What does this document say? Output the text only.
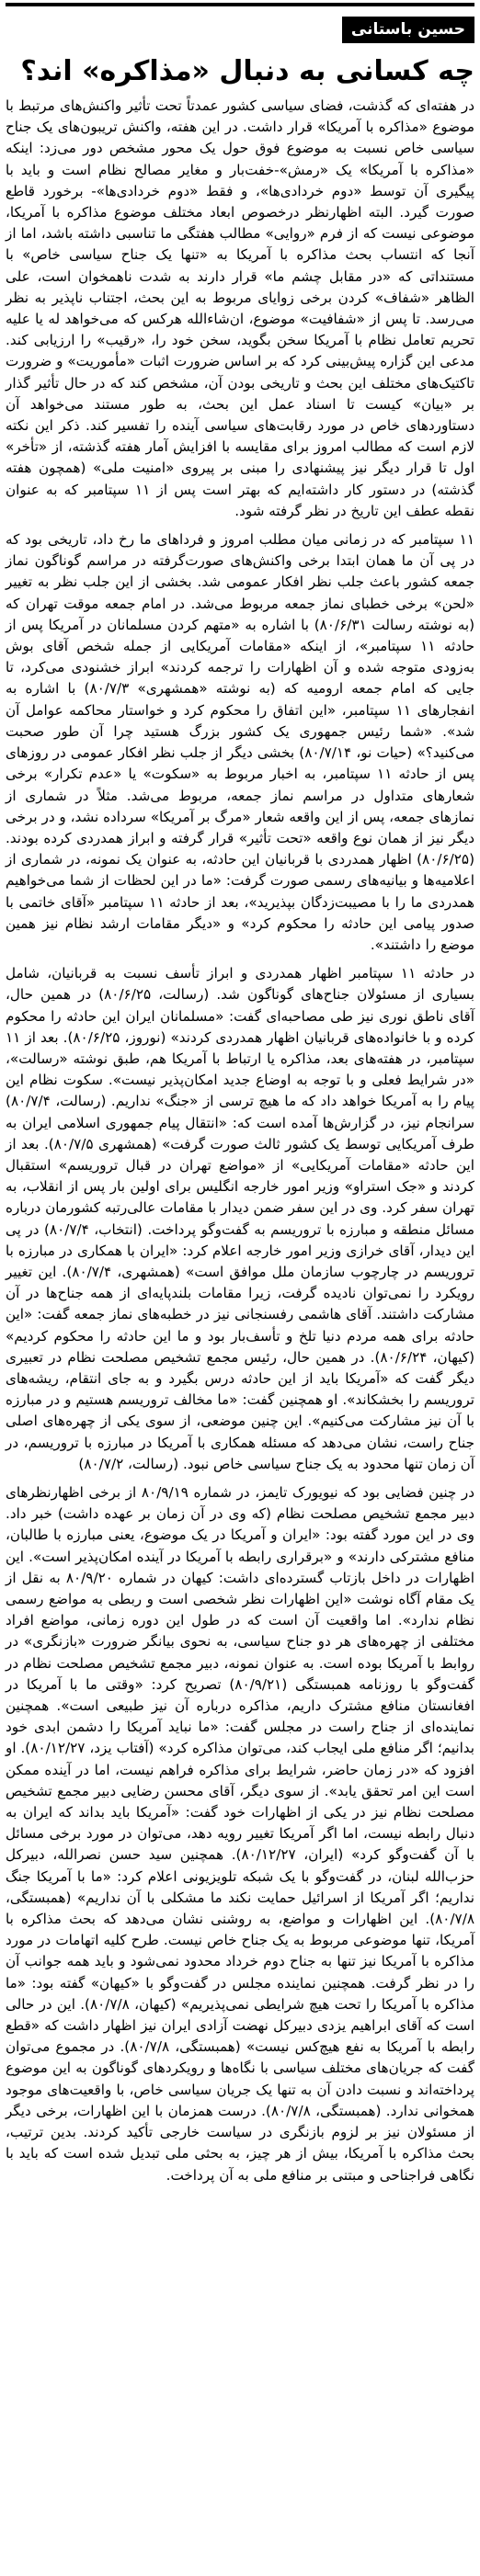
حسین باستانی
چه کسانی به دنبال «مذاکره» اند؟

در هفته‌ای که گذشت، فضای سیاسی کشور عمدتاً تحت تأثیر واکنش‌های مرتبط با موضوع «مذاکره با آمریکا» قرار داشت. در این هفته، واکنش تریبون‌های یک جناح سیاسی خاص نسبت به موضوع فوق حول یک محور مشخص دور می‌زد: اینکه «مذاکره با آمریکا» یک «رمش»-خفت‌بار و مغایر مصالح نظام است و باید با پیگیری آن توسط «دوم خردادی‌ها»، و فقط «دوم خردادی‌ها»- برخورد قاطع صورت گیرد. البته اظهارنظر درخصوص ابعاد مختلف موضوع مذاکره با آمریکا، موضوعی نیست که از فرم «روایی» مطالب هفتگی ما تناسبی داشته باشد، اما از آنجا که انتساب بحث مذاکره با آمریکا به «تنها یک جناح سیاسی خاص» با مستنداتی که «در مقابل چشم ما» قرار دارند به شدت ناهمخوان است، علی الظاهر «شفاف» کردن برخی زوایای مربوط به این بحث، اجتناب ناپذیر به نظر می‌رسد. تا پس از «شفافیت» موضوع، ان‌شاءالله هرکس که می‌خواهد له یا علیه تحریم تعامل نظام با آمریکا سخن بگوید، سخن خود را، «رقیب» را ارزیابی کند. مدعی این گزاره پیش‌بینی کرد که بر اساس ضرورت اثبات «مأموریت» و ضرورت تاکتیک‌های مختلف این بحث و تاریخی بودن آن، مشخص کند که در حال تأثیر گذار بر «بیان» کیست تا اسناد عمل این بحث، به طور مستند می‌خواهد آن دستاوردهای خاص در مورد رقابت‌های سیاسی آینده را تفسیر کند. ذکر این نکته لازم است که مطالب امروز برای مقایسه با افزایش آمار هفته گذشته، از «تأخر» اول تا قرار دیگر نیز پیشنهادی را مبنی بر پیروی «امنیت ملی» (همچون هفته گذشته) در دستور کار داشته‌ایم که بهتر است پس از ۱۱ سپتامبر که به عنوان نقطه عطف این تاریخ در نظر گرفته شود.

۱۱ سپتامبر که در زمانی میان مطلب امروز و فرداهای ما رخ داد، تاریخی بود که در پی آن ما همان ابتدا برخی واکنش‌های صورت‌گرفته در مراسم گوناگون نماز جمعه کشور باعث جلب نظر افکار عمومی شد. بخشی از این جلب نظر به تغییر «لحن» برخی خطبای نماز جمعه مربوط می‌شد. در امام جمعه موقت تهران که (به نوشته رسالت ۸۰/۶/۳۱) با اشاره به «متهم کردن مسلمانان در آمریکا پس از حادثه ۱۱ سپتامبر»، از اینکه «مقامات آمریکایی از جمله شخص آقای بوش به‌زودی متوجه شده و آن اظهارات را ترجمه کردند» ابراز خشنودی می‌کرد، تا جایی که امام جمعه اروميه که (به نوشته «همشهری» ۸۰/۷/۳) با اشاره به انفجارهای ۱۱ سپتامبر، «این اتفاق را محکوم کرد و خواستار محاکمه عوامل آن شد». «شما رئیس جمهوری یک کشور بزرگ هستید چرا آن طور صحبت می‌کنید؟» (حیات نو، ۸۰/۷/۱۴) بخشی دیگر از جلب نظر افکار عمومی در روزهای پس از حادثه ۱۱ سپتامبر، به اخبار مربوط به «سکوت» یا «عدم تکرار» برخی شعارهای متداول در مراسم نماز جمعه، مربوط می‌شد. مثلاً در شماری از نمازهای جمعه، پس از این واقعه شعار «مرگ بر آمریکا» سرداده نشد، و در برخی دیگر نیز از همان نوع واقعه «تحت تأثیر» قرار گرفته و ابراز همدردی کرده بودند. (۸۰/۶/۲۵) اظهار همدردی با قربانیان این حادثه، به عنوان یک نمونه، در شماری از اعلامیه‌ها و بیانیه‌های رسمی صورت گرفت: «ما در این لحظات از شما می‌خواهیم همدردی ما را با مصیبت‌زدگان بپذیرید»، بعد از حادثه ۱۱ سپتامبر «آقای خاتمی با صدور پیامی این حادثه را محکوم کرد» و «دیگر مقامات ارشد نظام نیز همین موضع را داشتند».

در حادثه ۱۱ سپتامبر اظهار همدردی و ابراز تأسف نسبت به قربانیان، شامل بسیاری از مسئولان جناح‌های گوناگون شد. (رسالت، ۸۰/۶/۲۵) در همین حال، آقای ناطق نوری نیز طی مصاحبه‌ای گفت: «مسلمانان ایران این حادثه را محکوم کرده و با خانواده‌های قربانیان اظهار همدردی کردند» (نوروز، ۸۰/۶/۲۵). بعد از ۱۱ سپتامبر، در هفته‌های بعد، مذاکره یا ارتباط با آمریکا هم، طبق نوشته «رسالت»، «در شرایط فعلی و با توجه به اوضاع جدید امکان‌پذیر نیست». سکوت نظام این پیام را به آمریکا خواهد داد که ما هیچ ترسی از «جنگ» نداریم. (رسالت، ۸۰/۷/۴) سرانجام نیز، در گزارش‌ها آمده است که: «انتقال پیام جمهوری اسلامی ایران به طرف آمریکایی توسط یک کشور ثالث صورت گرفت» (همشهری ۸۰/۷/۵). بعد از این حادثه «مقامات آمریکایی» از «مواضع تهران در قبال تروریسم» استقبال کردند و «جک استراو» وزیر امور خارجه انگلیس برای اولین بار پس از انقلاب، به تهران سفر کرد. وی در این سفر ضمن دیدار با مقامات عالی‌رتبه کشورمان درباره مسائل منطقه و مبارزه با تروریسم به گفت‌وگو پرداخت. (انتخاب، ۸۰/۷/۴) در پی این دیدار، آقای خرازی وزیر امور خارجه اعلام کرد: «ایران با همکاری در مبارزه با تروریسم در چارچوب سازمان ملل موافق است» (همشهری، ۸۰/۷/۴). این تغییر رویکرد را نمی‌توان نادیده گرفت، زیرا مقامات بلندپایه‌ای از همه جناح‌ها در آن مشارکت داشتند. آقای هاشمی رفسنجانی نیز در خطبه‌های نماز جمعه گفت: «این حادثه برای همه مردم دنیا تلخ و تأسف‌بار بود و ما این حادثه را محکوم کردیم» (کیهان، ۸۰/۶/۲۴). در همین حال، رئیس مجمع تشخیص مصلحت نظام در تعبیری دیگر گفت که «آمریکا باید از این حادثه درس بگیرد و به جای انتقام، ریشه‌های تروریسم را بخشکاند». او همچنین گفت: «ما مخالف تروریسم هستیم و در مبارزه با آن نیز مشارکت می‌کنیم». این چنین موضعی، از سوی یکی از چهره‌های اصلی جناح راست، نشان می‌دهد که مسئله همکاری با آمریکا در مبارزه با تروریسم، در آن زمان تنها محدود به یک جناح سیاسی خاص نبود. (رسالت، ۸۰/۷/۲)

در چنین فضایی بود که نیویورک تایمز، در شماره ۸۰/۹/۱۹ از برخی اظهارنظرهای دبیر مجمع تشخیص مصلحت نظام (که وی در آن زمان بر عهده داشت) خبر داد. وی در این مورد گفته بود: «ایران و آمریکا در یک موضوع، یعنی مبارزه با طالبان، منافع مشترکی دارند» و «برقراری رابطه با آمریکا در آینده امکان‌پذیر است». این اظهارات در داخل بازتاب گسترده‌ای داشت: کیهان در شماره ۸۰/۹/۲۰ به نقل از یک مقام آگاه نوشت «این اظهارات نظر شخصی است و ربطی به مواضع رسمی نظام ندارد». اما واقعیت آن است که در طول این دوره زمانی، مواضع افراد مختلفی از چهره‌های هر دو جناح سیاسی، به نحوی بیانگر ضرورت «بازنگری» در روابط با آمریکا بوده است. به عنوان نمونه، دبیر مجمع تشخیص مصلحت نظام در گفت‌وگو با روزنامه همبستگی (۸۰/۹/۲۱) تصریح کرد: «وقتی ما با آمریکا در افغانستان منافع مشترک داریم، مذاکره درباره آن نیز طبیعی است». همچنین نماینده‌ای از جناح راست در مجلس گفت: «ما نباید آمریکا را دشمن ابدی خود بدانیم؛ اگر منافع ملی ایجاب کند، می‌توان مذاکره کرد» (آفتاب یزد، ۸۰/۱۲/۲۷). او افزود که «در زمان حاضر، شرایط برای مذاکره فراهم نیست، اما در آینده ممکن است این امر تحقق یابد». از سوی دیگر، آقای محسن رضایی دبیر مجمع تشخیص مصلحت نظام نیز در یکی از اظهارات خود گفت: «آمریکا باید بداند که ایران به دنبال رابطه نیست، اما اگر آمریکا تغییر رویه دهد، می‌توان در مورد برخی مسائل با آن گفت‌وگو کرد» (ایران، ۸۰/۱۲/۲۷). همچنین سید حسن نصرالله، دبیرکل حزب‌الله لبنان، در گفت‌وگو با یک شبکه تلویزیونی اعلام کرد: «ما با آمریکا جنگ نداریم؛ اگر آمریکا از اسرائیل حمایت نکند ما مشکلی با آن نداریم» (همبستگی، ۸۰/۷/۸). این اظهارات و مواضع، به روشنی نشان می‌دهد که بحث مذاکره با آمریکا، تنها موضوعی مربوط به یک جناح خاص نیست. طرح کلیه اتهامات در مورد مذاکره با آمریکا نیز تنها به جناح دوم خرداد محدود نمی‌شود و باید همه جوانب آن را در نظر گرفت. همچنین نماینده مجلس در گفت‌وگو با «کیهان» گفته بود: «ما مذاکره با آمریکا را تحت هیچ شرایطی نمی‌پذیریم» (کیهان، ۸۰/۷/۸). این در حالی است که آقای ابراهیم یزدی دبیرکل نهضت آزادی ایران نیز اظهار داشت که «قطع رابطه با آمریکا به نفع هیچ‌کس نیست» (همبستگی، ۸۰/۷/۸). در مجموع می‌توان گفت که جریان‌های مختلف سیاسی با نگاه‌ها و رویکردهای گوناگون به این موضوع پرداخته‌اند و نسبت دادن آن به تنها یک جریان سیاسی خاص، با واقعیت‌های موجود همخوانی ندارد. (همبستگی، ۸۰/۷/۸). درست همزمان با این اظهارات، برخی دیگر از مسئولان نیز بر لزوم بازنگری در سیاست خارجی تأکید کردند. بدین ترتیب، بحث مذاکره با آمریکا، بیش از هر چیز، به بحثی ملی تبدیل شده است که باید با نگاهی فراجناحی و مبتنی بر منافع ملی به آن پرداخت.
